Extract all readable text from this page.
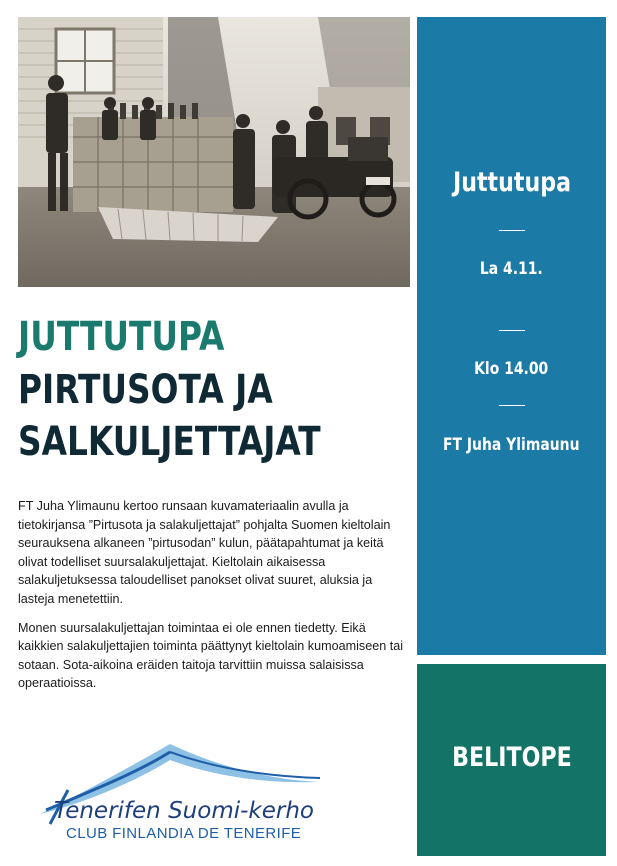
JUTTUTUPA
PIRTUSOTA JA
SALKULJETTAJAT

FT Juha Ylimaunu kertoo runsaan kuvamateriaalin avulla ja tietokirjansa ”Pirtusota ja salakuljettajat” pohjalta Suomen kieltolain seurauksena alkaneen ”pirtusodan” kulun, päätapahtumat ja keitä olivat todelliset suursalakuljettajat. Kieltolain aikaisessa salakuljetuksessa taloudelliset panokset olivat suuret, aluksia ja lasteja menetettiin.

Monen suursalakuljettajan toimintaa ei ole ennen tiedetty. Eikä kaikkien salakuljettajien toiminta päättynyt kieltolain kumoamiseen tai sotaan. Sota-aikoina eräiden taitoja tarvittiin muissa salaisissa operaatioissa.

Tenerifen Suomi-kerho
CLUB FINLANDIA DE TENERIFE
Juttutupa
La 4.11.
Klo 14.00
FT Juha Ylimaunu
BELITOPE
